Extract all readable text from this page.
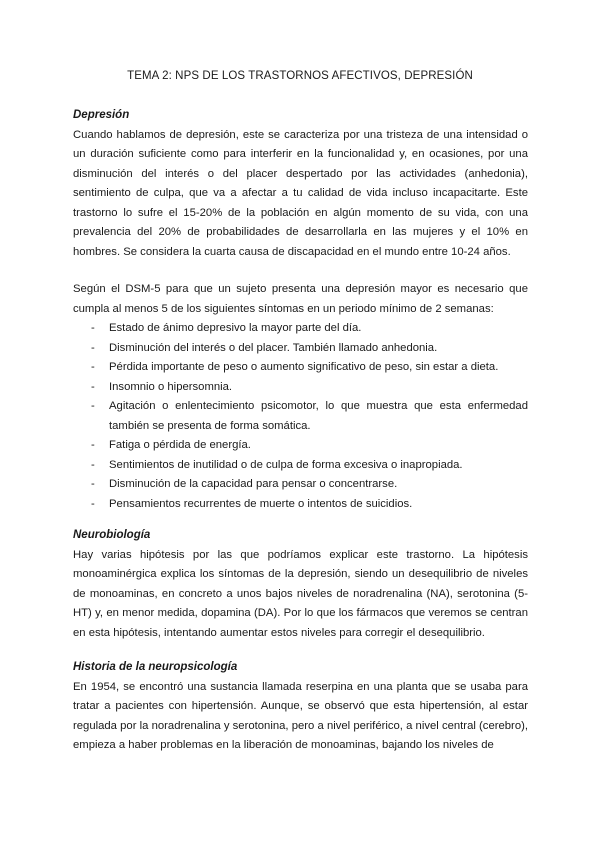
TEMA 2: NPS DE LOS TRASTORNOS AFECTIVOS, DEPRESIÓN
Depresión

Cuando hablamos de depresión, este se caracteriza por una tristeza de una intensidad o un duración suficiente como para interferir en la funcionalidad y, en ocasiones, por una disminución del interés o del placer despertado por las actividades (anhedonia), sentimiento de culpa, que va a afectar a tu calidad de vida incluso incapacitarte. Este trastorno lo sufre el 15-20% de la población en algún momento de su vida, con una prevalencia del 20% de probabilidades de desarrollarla en las mujeres y el 10% en hombres. Se considera la cuarta causa de discapacidad en el mundo entre 10-24 años.

Según el DSM-5 para que un sujeto presenta una depresión mayor es necesario que cumpla al menos 5 de los siguientes síntomas en un periodo mínimo de 2 semanas:

- Estado de ánimo depresivo la mayor parte del día.
- Disminución del interés o del placer. También llamado anhedonia.
- Pérdida importante de peso o aumento significativo de peso, sin estar a dieta.
- Insomnio o hipersomnia.
- Agitación o enlentecimiento psicomotor, lo que muestra que esta enfermedad también se presenta de forma somática.
- Fatiga o pérdida de energía.
- Sentimientos de inutilidad o de culpa de forma excesiva o inapropiada.
- Disminución de la capacidad para pensar o concentrarse.
- Pensamientos recurrentes de muerte o intentos de suicidios.
Neurobiología

Hay varias hipótesis por las que podríamos explicar este trastorno. La hipótesis monoaminérgica explica los síntomas de la depresión, siendo un desequilibrio de niveles de monoaminas, en concreto a unos bajos niveles de noradrenalina (NA), serotonina (5-HT) y, en menor medida, dopamina (DA). Por lo que los fármacos que veremos se centran en esta hipótesis, intentando aumentar estos niveles para corregir el desequilibrio.

Historia de la neuropsicología

En 1954, se encontró una sustancia llamada reserpina en una planta que se usaba para tratar a pacientes con hipertensión. Aunque, se observó que esta hipertensión, al estar regulada por la noradrenalina y serotonina, pero a nivel periférico, a nivel central (cerebro), empieza a haber problemas en la liberación de monoaminas, bajando los niveles de
